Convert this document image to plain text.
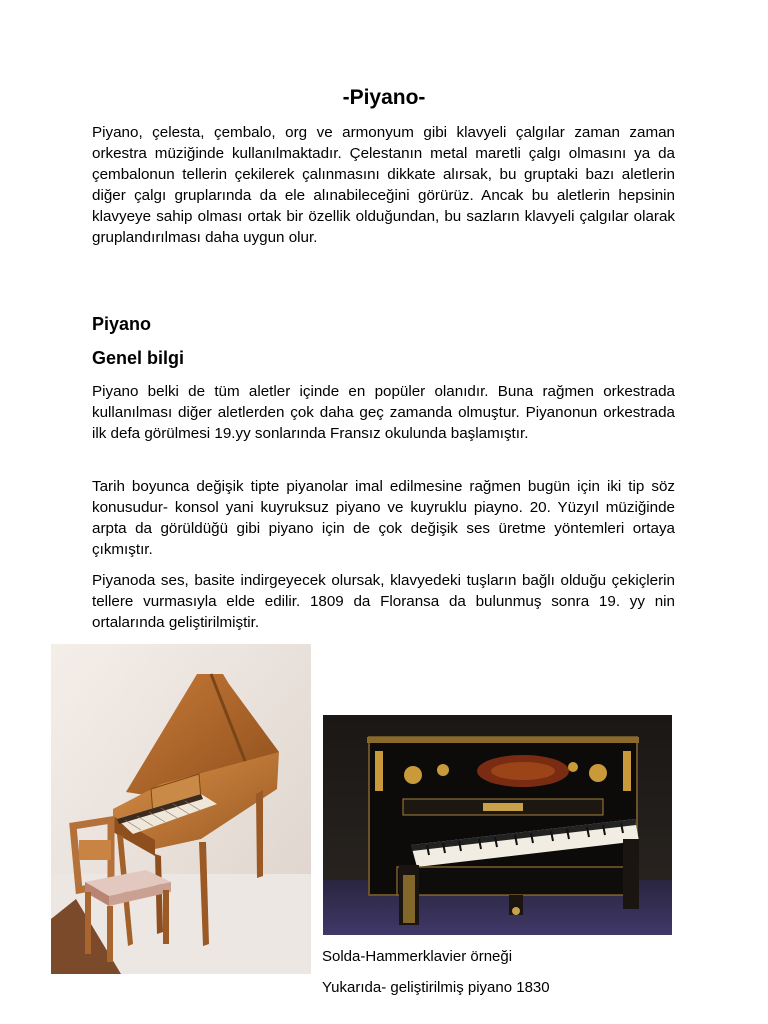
-Piyano-

Piyano, çelesta, çembalo, org ve armonyum gibi klavyeli çalgılar zaman zaman orkestra müziğinde kullanılmaktadır. Çelestanın metal maretli çalgı olmasını ya da çembalonun tellerin çekilerek çalınmasını dikkate alırsak, bu gruptaki bazı aletlerin diğer çalgı gruplarında da ele alınabileceğini görürüz. Ancak bu aletlerin hepsinin klavyeye sahip olması ortak bir özellik olduğundan, bu sazların klavyeli çalgılar olarak gruplandırılması daha uygun olur.

Piyano
Genel bilgi

Piyano belki de tüm aletler içinde en popüler olanıdır. Buna rağmen orkestrada kullanılması diğer aletlerden çok daha geç zamanda olmuştur. Piyanonun orkestrada ilk defa görülmesi 19.yy sonlarında Fransız okulunda başlamıştır.

Tarih boyunca değişik tipte piyanolar imal edilmesine rağmen bugün için iki tip söz konusudur- konsol yani kuyruksuz piyano ve kuyruklu piayno. 20. Yüzyıl müziğinde arpta da görüldüğü gibi piyano için de çok değişik ses üretme yöntemleri ortaya çıkmıştır.

Piyanoda ses, basite indirgeyecek olursak, klavyedeki tuşların bağlı olduğu çekiçlerin tellere vurmasıyla elde edilir. 1809 da Floransa da bulunmuş sonra 19. yy nin ortalarında geliştirilmiştir.

Solda-Hammerklavier örneği

Yukarıda- geliştirilmiş piyano 1830
